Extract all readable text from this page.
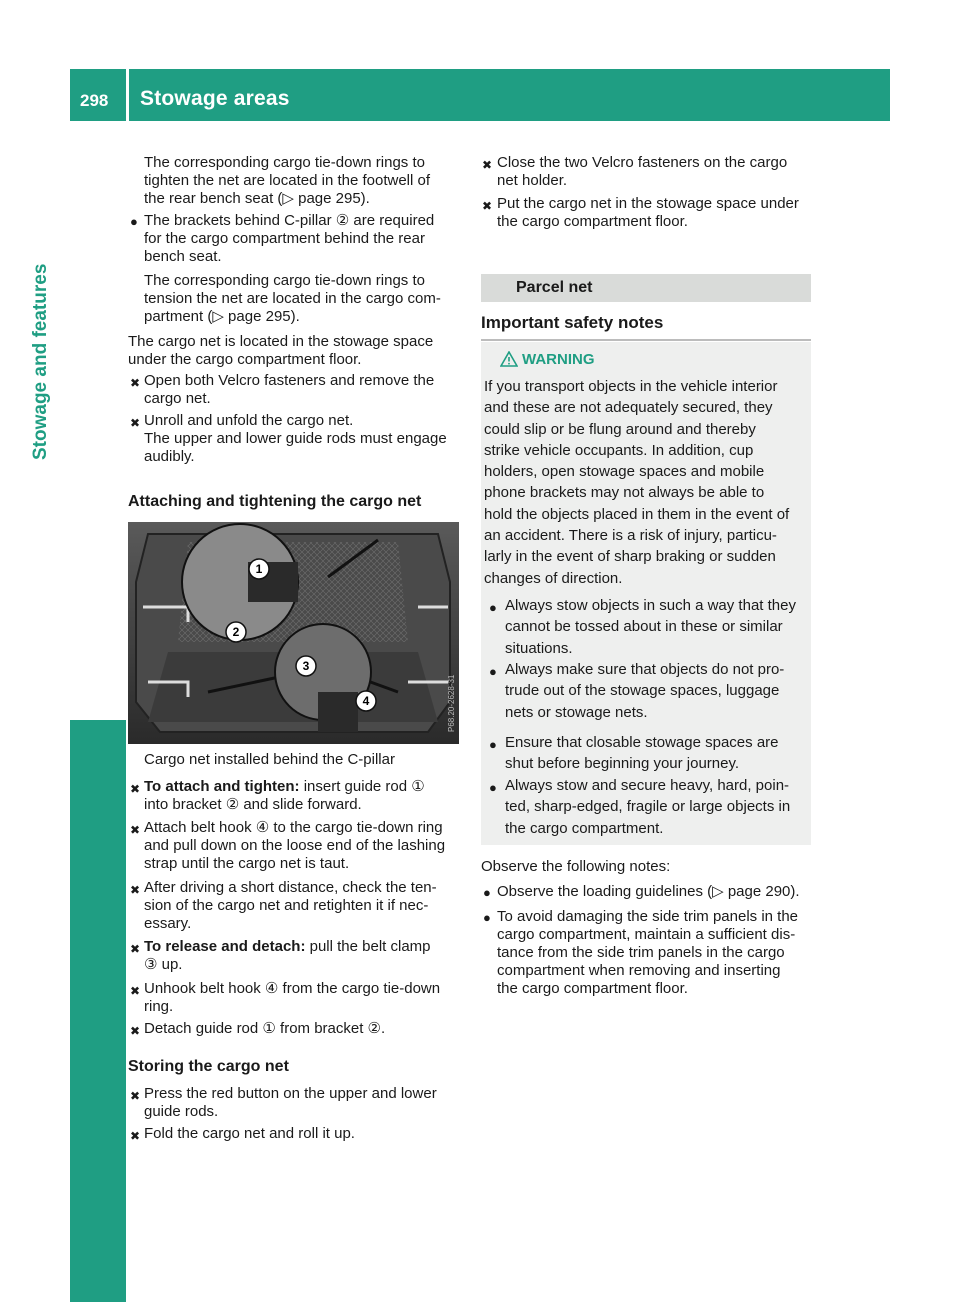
298 Stowage areas
Stowage and features
The corresponding cargo tie-down rings to
tighten the net are located in the footwell of
the rear bench seat (▷ page 295).
● The brackets behind C-pillar ② are required
for the cargo compartment behind the rear
bench seat.
The corresponding cargo tie-down rings to
tension the net are located in the cargo com-
partment (▷ page 295).
The cargo net is located in the stowage space
under the cargo compartment floor.
✖ Open both Velcro fasteners and remove the
cargo net.
✖ Unroll and unfold the cargo net.
The upper and lower guide rods must engage
audibly.
Attaching and tightening the cargo net
1
2
3
4	P68.20-2628-31
Cargo net installed behind the C-pillar
✖ To attach and tighten: insert guide rod ①
into bracket ② and slide forward.
✖ Attach belt hook ④ to the cargo tie-down ring
and pull down on the loose end of the lashing
strap until the cargo net is taut.
✖ After driving a short distance, check the ten-
sion of the cargo net and retighten it if nec-
essary.
✖ To release and detach: pull the belt clamp
③ up.
✖ Unhook belt hook ④ from the cargo tie-down
ring.
✖ Detach guide rod ① from bracket ②.
Storing the cargo net
✖ Press the red button on the upper and lower
guide rods.
✖ Fold the cargo net and roll it up.
✖ Close the two Velcro fasteners on the cargo
net holder.
✖ Put the cargo net in the stowage space under
the cargo compartment floor.
Parcel net
Important safety notes
WARNING
If you transport objects in the vehicle interior
and these are not adequately secured, they
could slip or be flung around and thereby
strike vehicle occupants. In addition, cup
holders, open stowage spaces and mobile
phone brackets may not always be able to
hold the objects placed in them in the event of
an accident. There is a risk of injury, particu-
larly in the event of sharp braking or sudden
changes of direction.
● Always stow objects in such a way that they
cannot be tossed about in these or similar
situations.
● Always make sure that objects do not pro-
trude out of the stowage spaces, luggage
nets or stowage nets.
● Ensure that closable stowage spaces are
shut before beginning your journey.
● Always stow and secure heavy, hard, poin-
ted, sharp-edged, fragile or large objects in
the cargo compartment.
Observe the following notes:
● Observe the loading guidelines (▷ page 290).
● To avoid damaging the side trim panels in the
cargo compartment, maintain a sufficient dis-
tance from the side trim panels in the cargo
compartment when removing and inserting
the cargo compartment floor.
